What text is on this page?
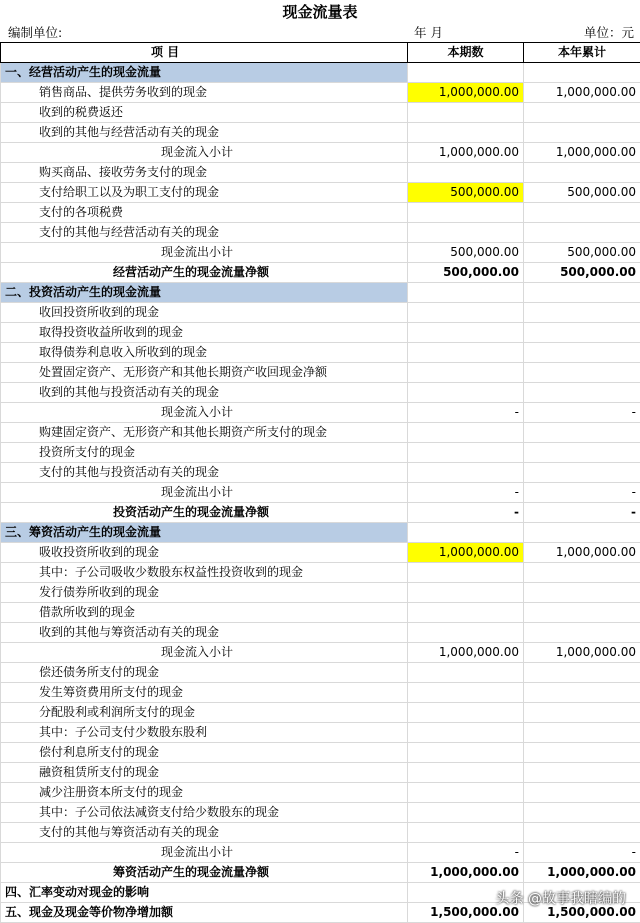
现金流量表
编制单位:	年 月	单位：元
项 目	本期数	本年累计
一、经营活动产生的现金流量		
销售商品、提供劳务收到的现金	1,000,000.00	1,000,000.00
收到的税费返还		
收到的其他与经营活动有关的现金		
现金流入小计	1,000,000.00	1,000,000.00
购买商品、接收劳务支付的现金		
支付给职工以及为职工支付的现金	500,000.00	500,000.00
支付的各项税费		
支付的其他与经营活动有关的现金		
现金流出小计	500,000.00	500,000.00
经营活动产生的现金流量净额	500,000.00	500,000.00
二、投资活动产生的现金流量		
收回投资所收到的现金		
取得投资收益所收到的现金		
取得债券利息收入所收到的现金		
处置固定资产、无形资产和其他长期资产收回现金净额		
收到的其他与投资活动有关的现金		
现金流入小计	-	-
购建固定资产、无形资产和其他长期资产所支付的现金		
投资所支付的现金		
支付的其他与投资活动有关的现金		
现金流出小计	-	-
投资活动产生的现金流量净额	-	-
三、筹资活动产生的现金流量		
吸收投资所收到的现金	1,000,000.00	1,000,000.00
其中：子公司吸收少数股东权益性投资收到的现金		
发行债券所收到的现金		
借款所收到的现金		
收到的其他与筹资活动有关的现金		
现金流入小计	1,000,000.00	1,000,000.00
偿还债务所支付的现金		
发生筹资费用所支付的现金		
分配股利或利润所支付的现金		
其中：子公司支付少数股东股利		
偿付利息所支付的现金		
融资租赁所支付的现金		
减少注册资本所支付的现金		
其中：子公司依法减资支付给少数股东的现金		
支付的其他与筹资活动有关的现金		
现金流出小计	-	-
筹资活动产生的现金流量净额	1,000,000.00	1,000,000.00
四、汇率变动对现金的影响		
五、现金及现金等价物净增加额	1,500,000.00	1,500,000.00
头条 @故事我瞎编的
